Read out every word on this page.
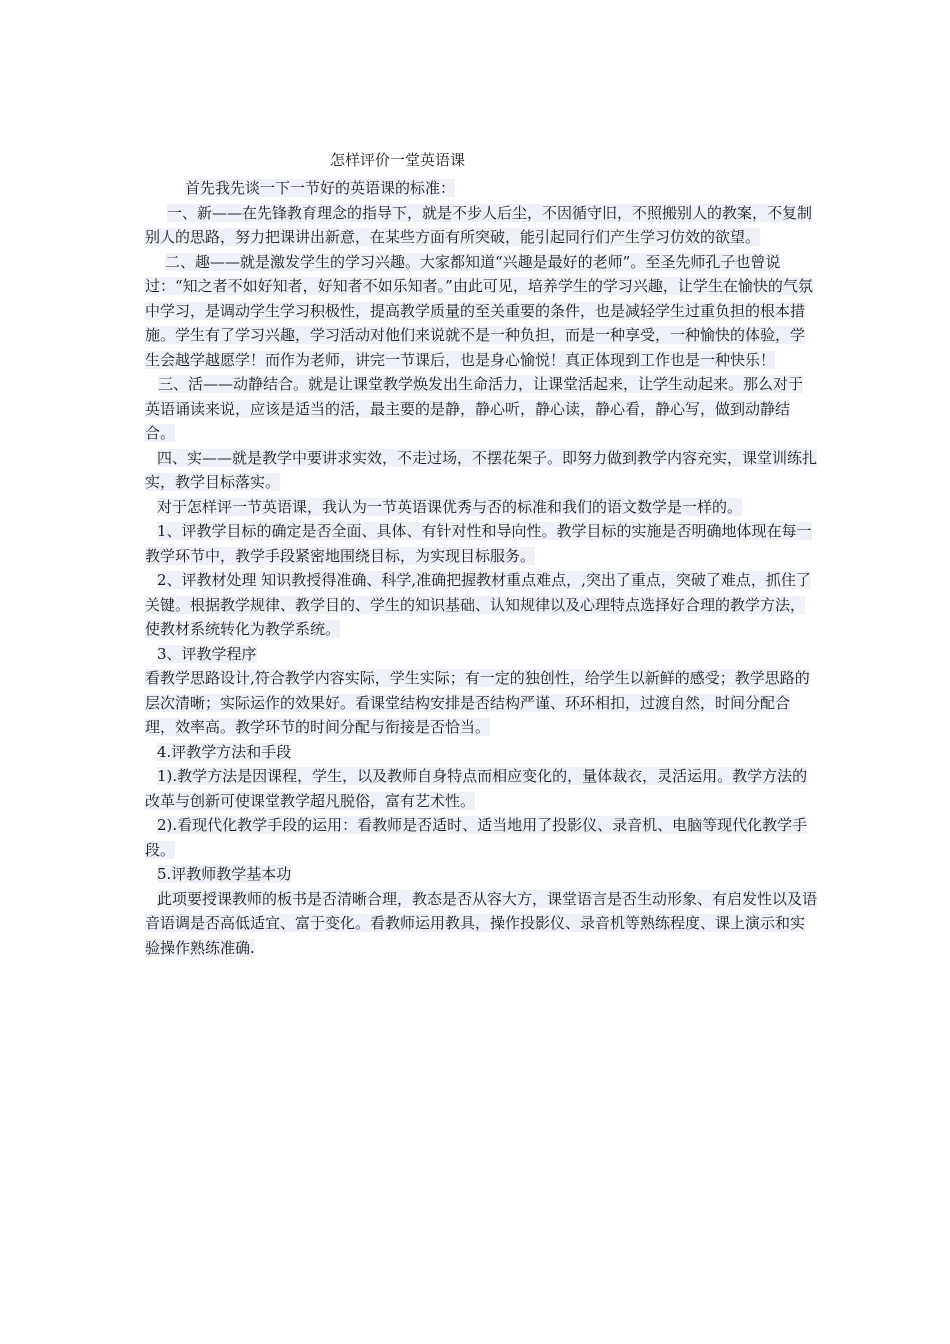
怎样评价一堂英语课

首先我先谈一下一节好的英语课的标准：

一、新——在先锋教育理念的指导下，就是不步人后尘，不因循守旧，不照搬别人的教案，不复制别人的思路，努力把课讲出新意，在某些方面有所突破，能引起同行们产生学习仿效的欲望。

二、趣——就是激发学生的学习兴趣。大家都知道“兴趣是最好的老师”。至圣先师孔子也曾说过：“知之者不如好知者，好知者不如乐知者。”由此可见，培养学生的学习兴趣，让学生在愉快的气氛中学习，是调动学生学习积极性，提高教学质量的至关重要的条件，也是减轻学生过重负担的根本措施。学生有了学习兴趣，学习活动对他们来说就不是一种负担，而是一种享受，一种愉快的体验，学生会越学越愿学！而作为老师，讲完一节课后，也是身心愉悦！真正体现到工作也是一种快乐！

三、活——动静结合。就是让课堂教学焕发出生命活力，让课堂活起来，让学生动起来。那么对于英语诵读来说，应该是适当的活，最主要的是静，静心听，静心读，静心看，静心写，做到动静结合。

四、实——就是教学中要讲求实效，不走过场，不摆花架子。即努力做到教学内容充实，课堂训练扎实，教学目标落实。

对于怎样评一节英语课，我认为一节英语课优秀与否的标准和我们的语文数学是一样的。

1、评教学目标的确定是否全面、具体、有针对性和导向性。教学目标的实施是否明确地体现在每一教学环节中，教学手段紧密地围绕目标，为实现目标服务。

2、评教材处理 知识教授得准确、科学,准确把握教材重点难点，,突出了重点，突破了难点，抓住了关键。根据教学规律、教学目的、学生的知识基础、认知规律以及心理特点选择好合理的教学方法，使教材系统转化为教学系统。

3、评教学程序

看教学思路设计,符合教学内容实际，学生实际；有一定的独创性，给学生以新鲜的感受；教学思路的层次清晰；实际运作的效果好。看课堂结构安排是否结构严谨、环环相扣，过渡自然，时间分配合理，效率高。教学环节的时间分配与衔接是否恰当。

4.评教学方法和手段

1).教学方法是因课程，学生，以及教师自身特点而相应变化的，量体裁衣，灵活运用。教学方法的改革与创新可使课堂教学超凡脱俗，富有艺术性。

2).看现代化教学手段的运用：看教师是否适时、适当地用了投影仪、录音机、电脑等现代化教学手段。

5.评教师教学基本功

此项要授课教师的板书是否清晰合理，教态是否从容大方，课堂语言是否生动形象、有启发性以及语音语调是否高低适宜、富于变化。看教师运用教具，操作投影仪、录音机等熟练程度、课上演示和实验操作熟练准确.
